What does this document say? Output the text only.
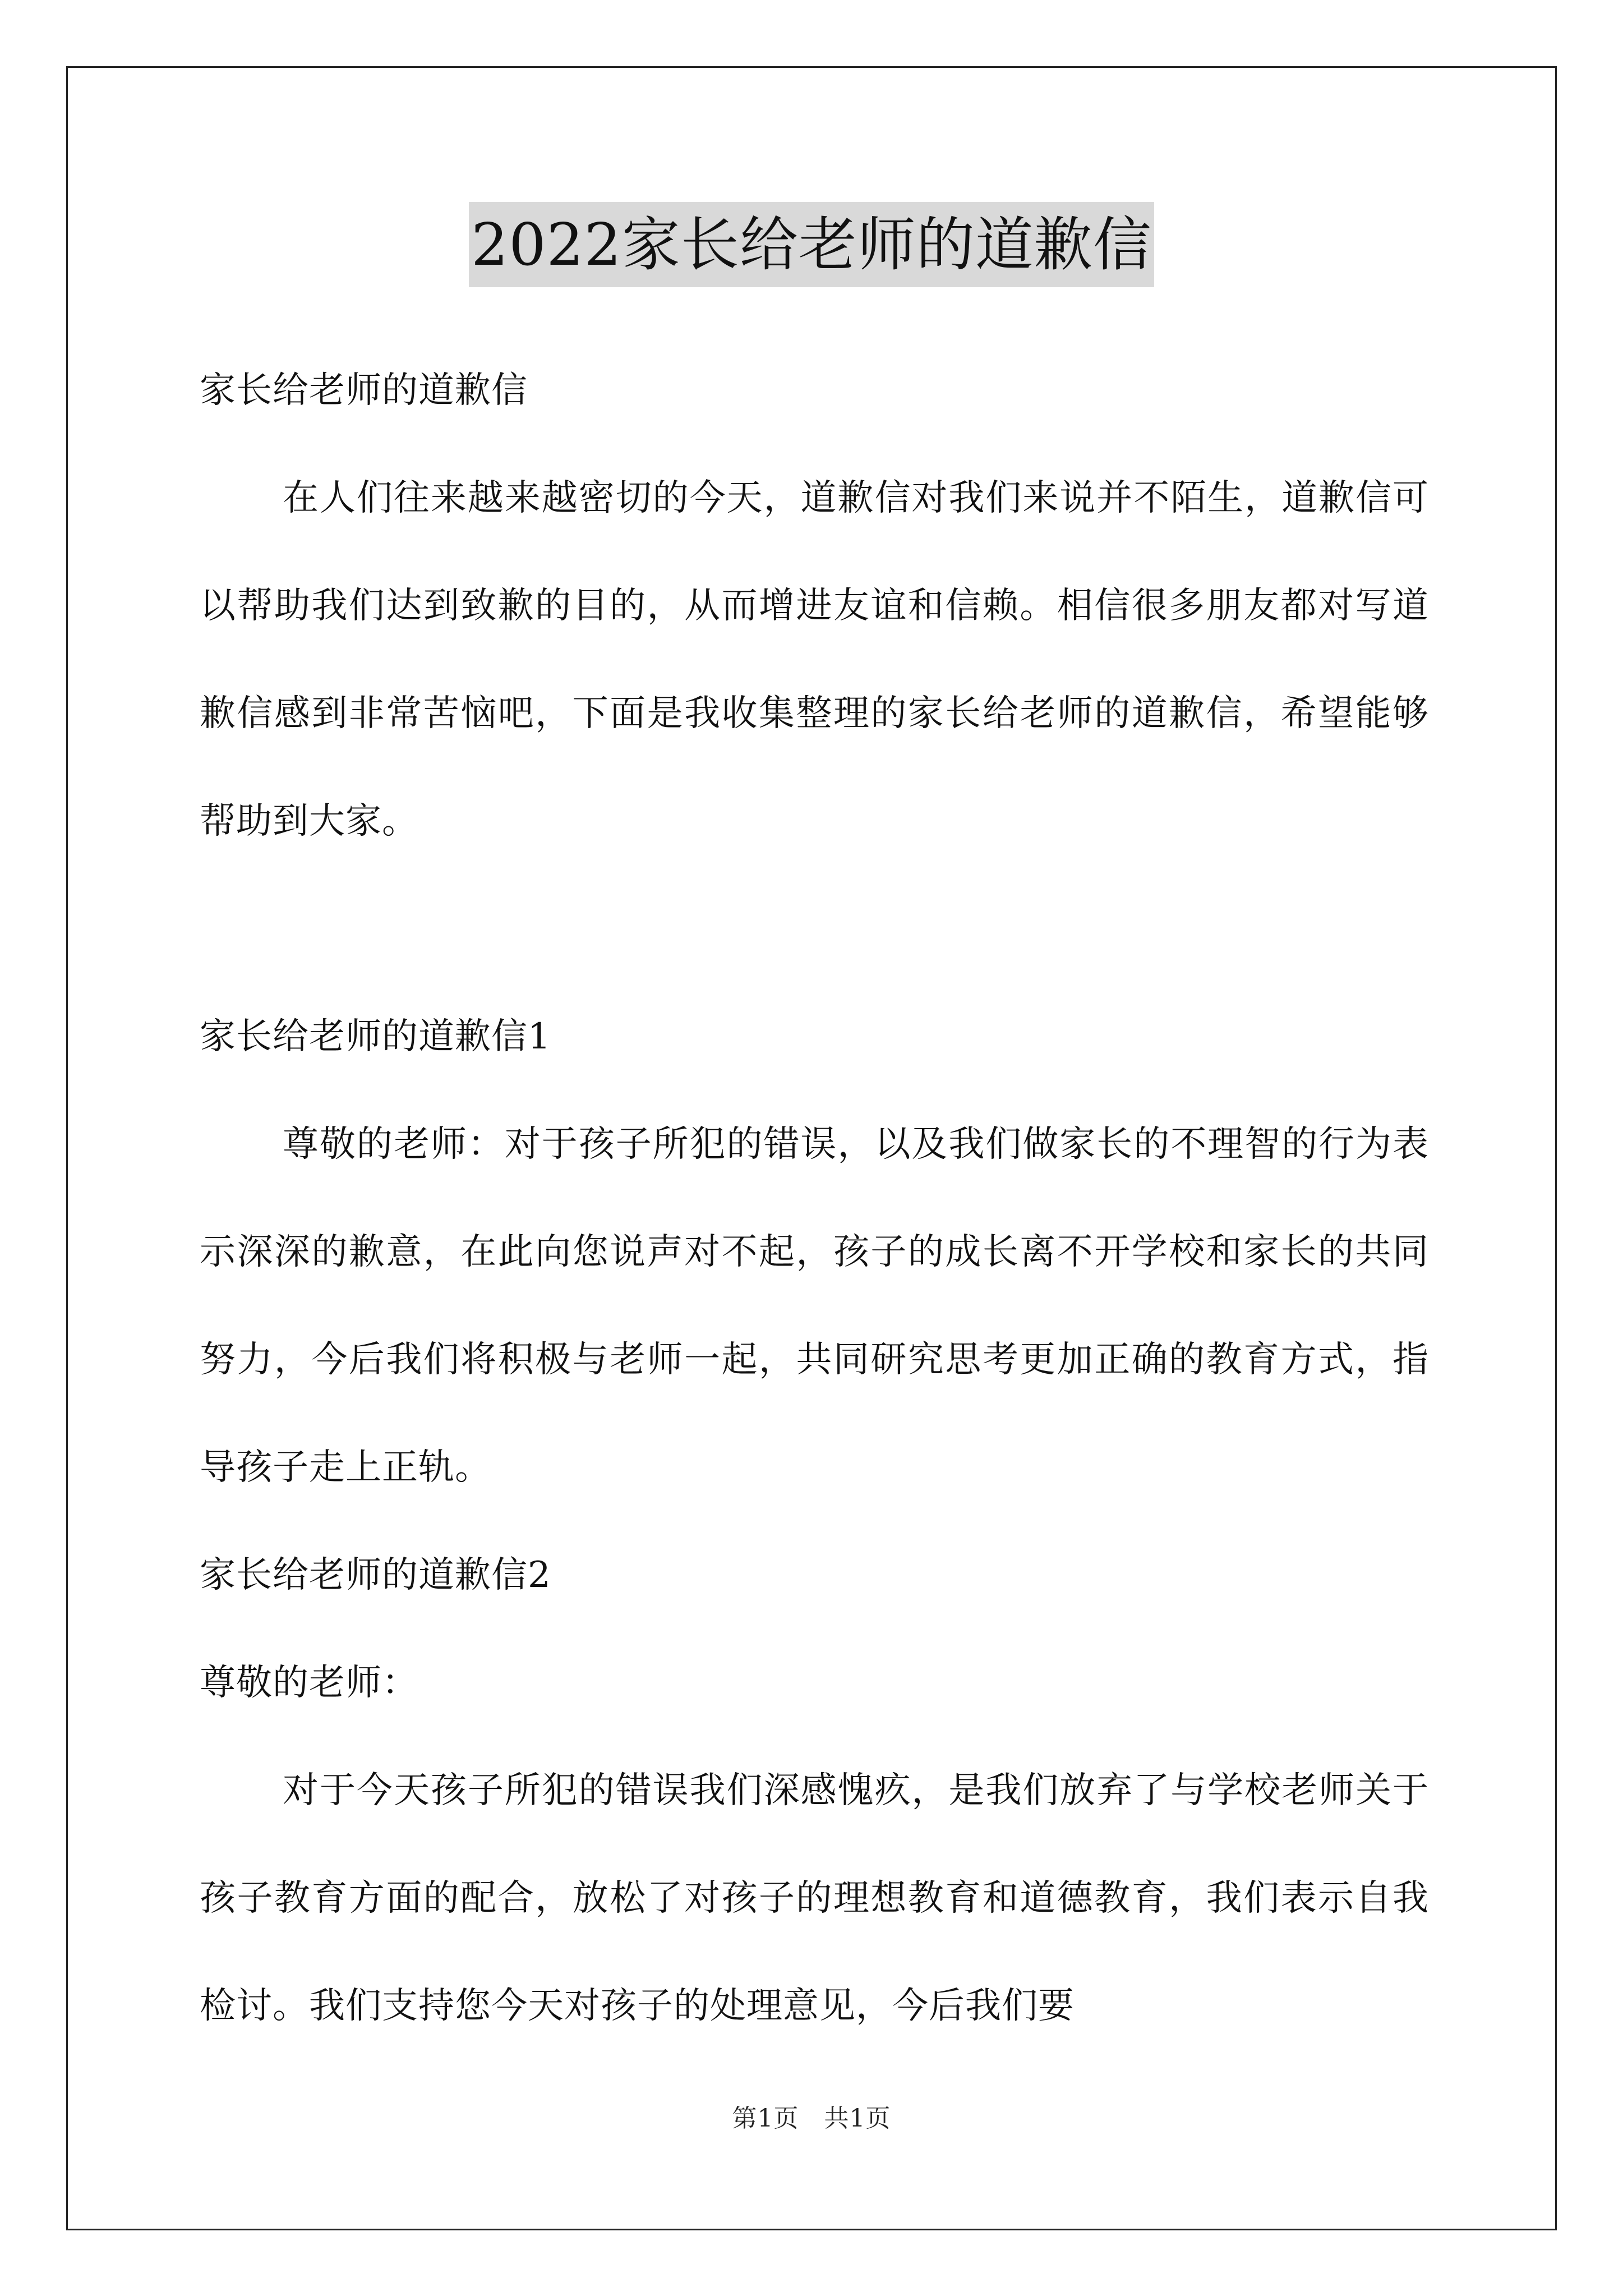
2022家长给老师的道歉信

家长给老师的道歉信

在人们往来越来越密切的今天，道歉信对我们来说并不陌生，道歉信可以帮助我们达到致歉的目的，从而增进友谊和信赖。相信很多朋友都对写道歉信感到非常苦恼吧，下面是我收集整理的家长给老师的道歉信，希望能够帮助到大家。

家长给老师的道歉信1

尊敬的老师：对于孩子所犯的错误，以及我们做家长的不理智的行为表示深深的歉意，在此向您说声对不起，孩子的成长离不开学校和家长的共同努力，今后我们将积极与老师一起，共同研究思考更加正确的教育方式，指导孩子走上正轨。

家长给老师的道歉信2

尊敬的老师：

对于今天孩子所犯的错误我们深感愧疚，是我们放弃了与学校老师关于孩子教育方面的配合，放松了对孩子的理想教育和道德教育，我们表示自我检讨。我们支持您今天对孩子的处理意见，今后我们要

第1页　共1页
